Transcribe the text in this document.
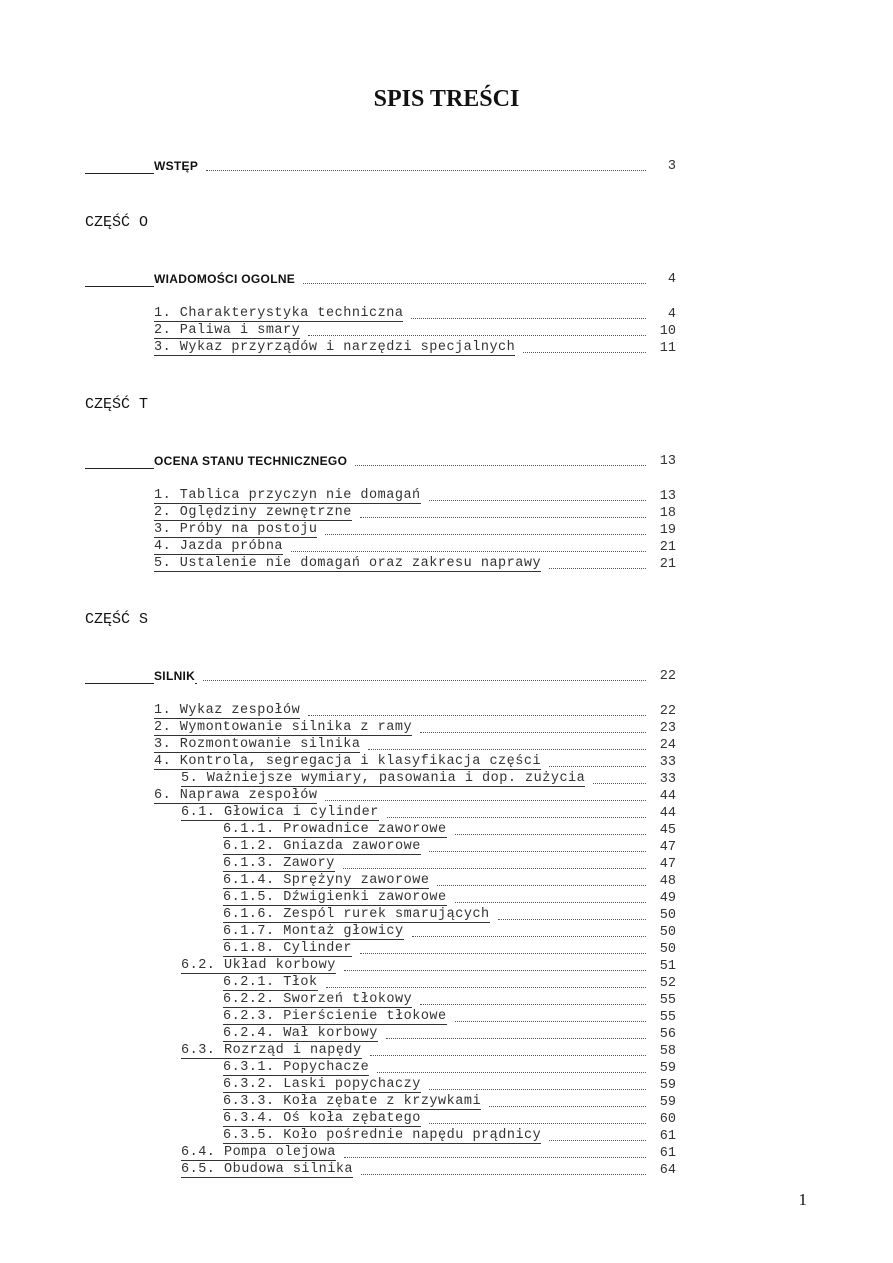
SPIS TREŚCI
WSTĘP	3
CZĘŚĆ O
WIADOMOŚCI OGOLNE	4
1. Charakterystyka techniczna	4
2. Paliwa i smary	10
3. Wykaz przyrządów i narzędzi specjalnych	11
CZĘŚĆ T
OCENA STANU TECHNICZNEGO	13
1. Tablica przyczyn nie domagań	13
2. Oględziny zewnętrzne	18
3. Próby na postoju	19
4. Jazda próbna	21
5. Ustalenie nie domagań oraz zakresu naprawy	21
CZĘŚĆ S
SILNIK	22
1. Wykaz zespołów	22
2. Wymontowanie silnika z ramy	23
3. Rozmontowanie silnika	24
4. Kontrola, segregacja i klasyfikacja części	33
5. Ważniejsze wymiary, pasowania i dop. zużycia	33
6. Naprawa zespołów	44
6.1. Głowica i cylinder	44
6.1.1. Prowadnice zaworowe	45
6.1.2. Gniazda zaworowe	47
6.1.3. Zawory	47
6.1.4. Sprężyny zaworowe	48
6.1.5. Dźwigienki zaworowe	49
6.1.6. Zespól rurek smarujących	50
6.1.7. Montaż głowicy	50
6.1.8. Cylinder	50
6.2. Układ korbowy	51
6.2.1. Tłok	52
6.2.2. Sworzeń tłokowy	55
6.2.3. Pierścienie tłokowe	55
6.2.4. Wał korbowy	56
6.3. Rozrząd i napędy	58
6.3.1. Popychacze	59
6.3.2. Laski popychaczy	59
6.3.3. Koła zębate z krzywkami	59
6.3.4. Oś koła zębatego	60
6.3.5. Koło pośrednie napędu prądnicy	61
6.4. Pompa olejowa	61
6.5. Obudowa silnika	64
1
